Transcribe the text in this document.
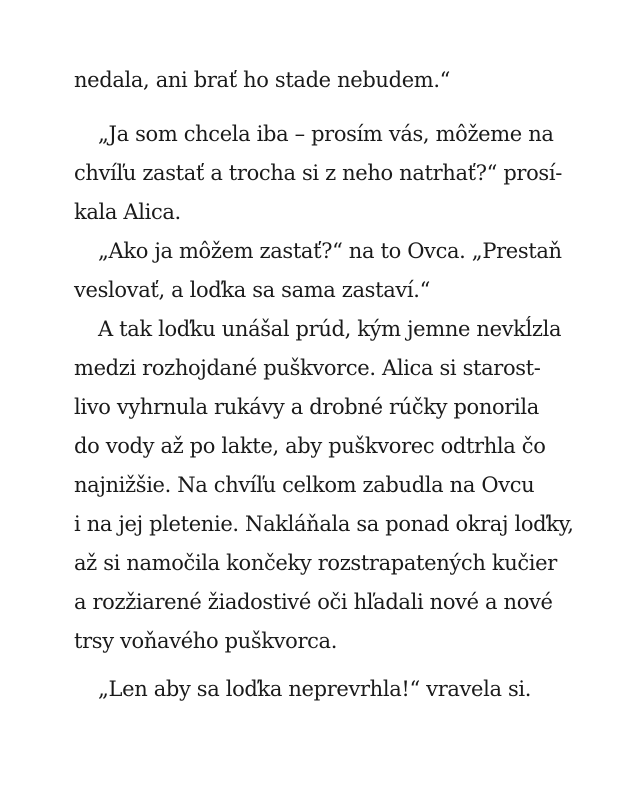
nedala, ani brať ho stade nebudem.“
„Ja som chcela iba – prosím vás, môžeme na
chvíľu zastať a trocha si z neho natrhať?“ prosí-
kala Alica.
„Ako ja môžem zastať?“ na to Ovca. „Prestaň
veslovať, a loďka sa sama zastaví.“
A tak loďku unášal prúd, kým jemne nevkĺzla
medzi rozhojdané puškvorce. Alica si starost-
livo vyhrnula rukávy a drobné rúčky ponorila
do vody až po lakte, aby puškvorec odtrhla čo
najnižšie. Na chvíľu celkom zabudla na Ovcu
i na jej pletenie. Nakláňala sa ponad okraj loďky,
až si namočila končeky rozstrapatených kučier
a rozžiarené žiadostivé oči hľadali nové a nové
trsy voňavého puškvorca.
„Len aby sa loďka neprevrhla!“ vravela si.
